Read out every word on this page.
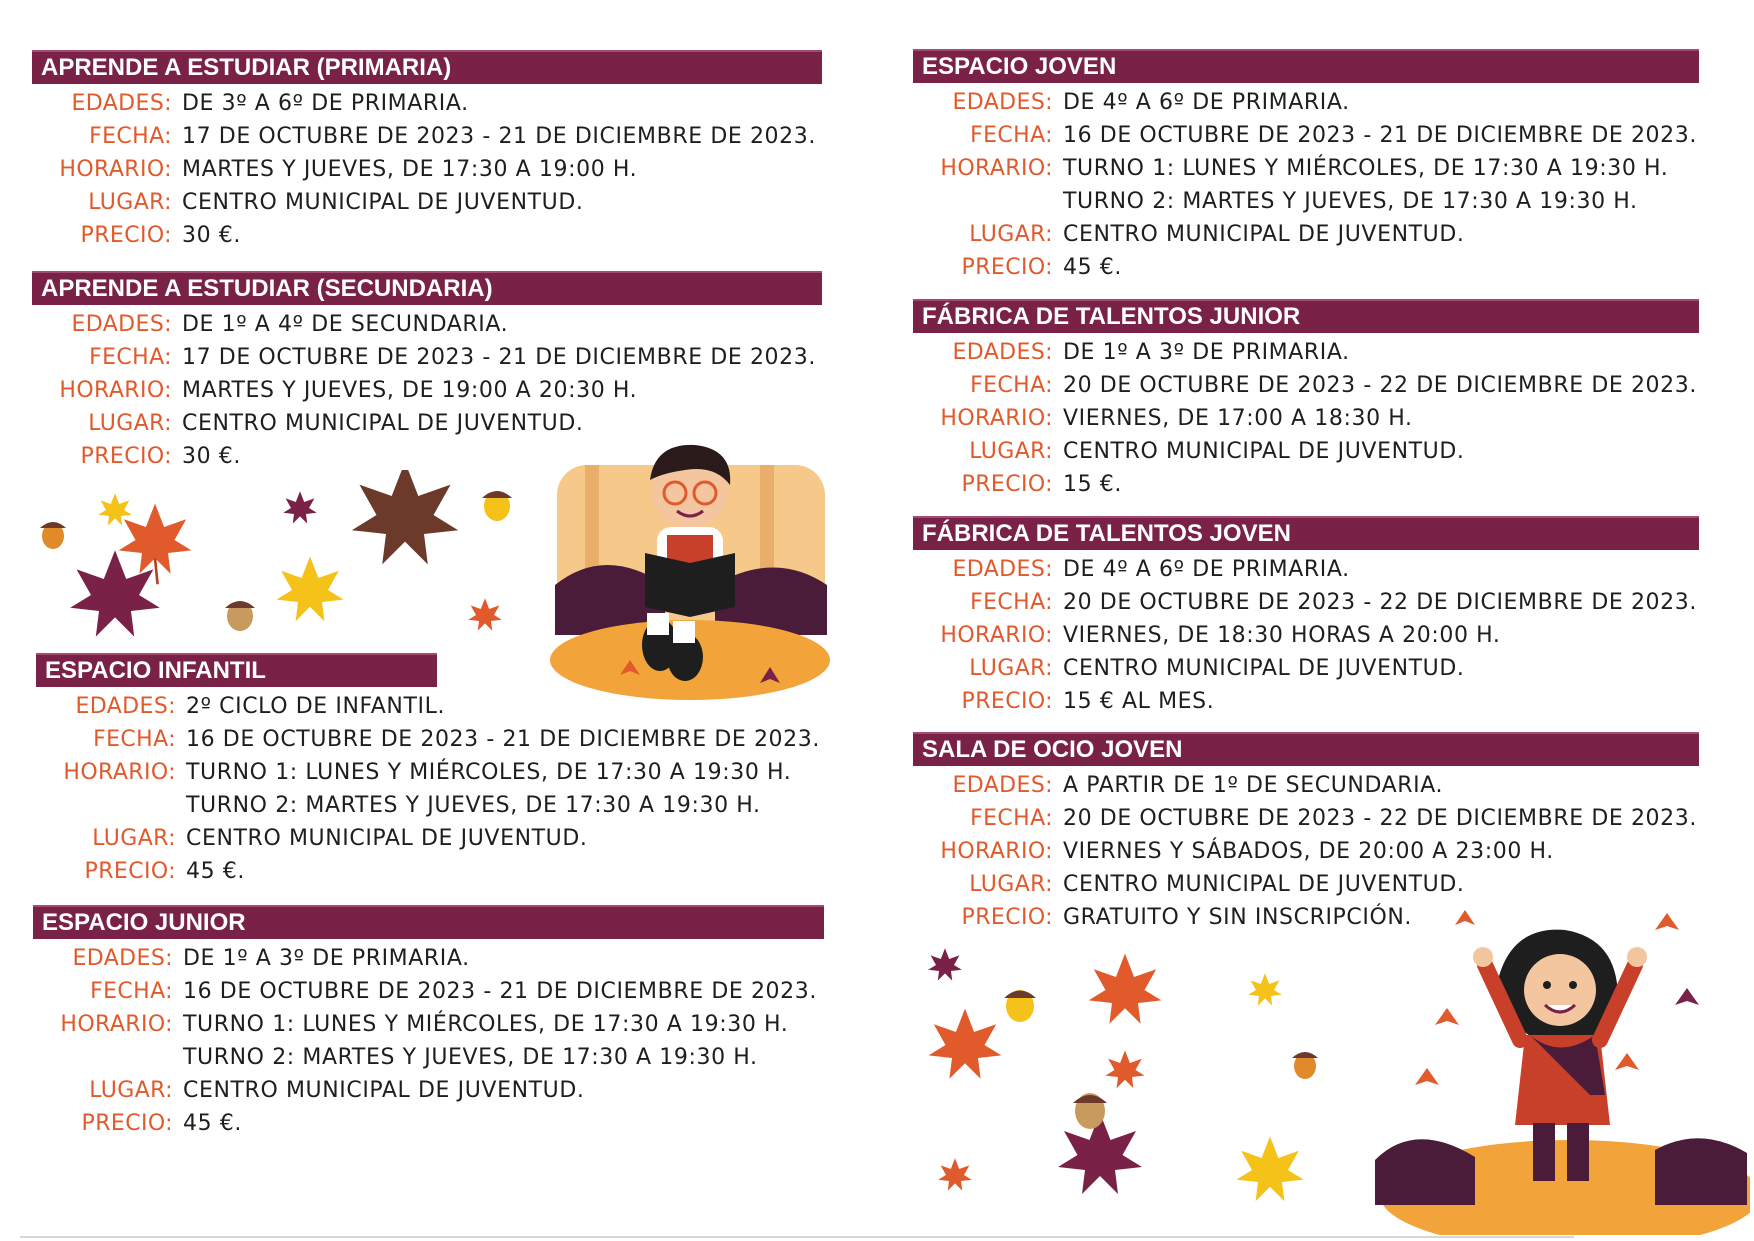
APRENDE A ESTUDIAR (PRIMARIA)
EDADES: DE 3º A 6º DE PRIMARIA.
FECHA: 17 DE OCTUBRE DE 2023 - 21 DE DICIEMBRE DE 2023.
HORARIO: MARTES Y JUEVES, DE 17:30 A 19:00 H.
LUGAR: CENTRO MUNICIPAL DE JUVENTUD.
PRECIO: 30 €.
APRENDE A ESTUDIAR (SECUNDARIA)
EDADES: DE 1º A 4º DE SECUNDARIA.
FECHA: 17 DE OCTUBRE DE 2023 - 21 DE DICIEMBRE DE 2023.
HORARIO: MARTES Y JUEVES, DE 19:00 A 20:30 H.
LUGAR: CENTRO MUNICIPAL DE JUVENTUD.
PRECIO: 30 €.
ESPACIO INFANTIL
EDADES: 2º CICLO DE INFANTIL.
FECHA: 16 DE OCTUBRE DE 2023 - 21 DE DICIEMBRE DE 2023.
HORARIO: TURNO 1: LUNES Y MIÉRCOLES, DE 17:30 A 19:30 H.
TURNO 2: MARTES Y JUEVES, DE 17:30 A 19:30 H.
LUGAR: CENTRO MUNICIPAL DE JUVENTUD.
PRECIO: 45 €.
ESPACIO JUNIOR
EDADES: DE 1º A 3º DE PRIMARIA.
FECHA: 16 DE OCTUBRE DE 2023 - 21 DE DICIEMBRE DE 2023.
HORARIO: TURNO 1: LUNES Y MIÉRCOLES, DE 17:30 A 19:30 H.
TURNO 2: MARTES Y JUEVES, DE 17:30 A 19:30 H.
LUGAR: CENTRO MUNICIPAL DE JUVENTUD.
PRECIO: 45 €.
ESPACIO JOVEN
EDADES: DE 4º A 6º DE PRIMARIA.
FECHA: 16 DE OCTUBRE DE 2023 - 21 DE DICIEMBRE DE 2023.
HORARIO: TURNO 1: LUNES Y MIÉRCOLES, DE 17:30 A 19:30 H.
TURNO 2: MARTES Y JUEVES, DE 17:30 A 19:30 H.
LUGAR: CENTRO MUNICIPAL DE JUVENTUD.
PRECIO: 45 €.
FÁBRICA DE TALENTOS JUNIOR
EDADES: DE 1º A 3º DE PRIMARIA.
FECHA: 20 DE OCTUBRE DE 2023 - 22 DE DICIEMBRE DE 2023.
HORARIO: VIERNES, DE 17:00 A 18:30 H.
LUGAR: CENTRO MUNICIPAL DE JUVENTUD.
PRECIO: 15 €.
FÁBRICA DE TALENTOS JOVEN
EDADES: DE 4º A 6º DE PRIMARIA.
FECHA: 20 DE OCTUBRE DE 2023 - 22 DE DICIEMBRE DE 2023.
HORARIO: VIERNES, DE 18:30 HORAS A 20:00 H.
LUGAR: CENTRO MUNICIPAL DE JUVENTUD.
PRECIO: 15 € AL MES.
SALA DE OCIO JOVEN
EDADES: A PARTIR DE 1º DE SECUNDARIA.
FECHA: 20 DE OCTUBRE DE 2023 - 22 DE DICIEMBRE DE 2023.
HORARIO: VIERNES Y SÁBADOS, DE 20:00 A 23:00 H.
LUGAR: CENTRO MUNICIPAL DE JUVENTUD.
PRECIO: GRATUITO Y SIN INSCRIPCIÓN.
